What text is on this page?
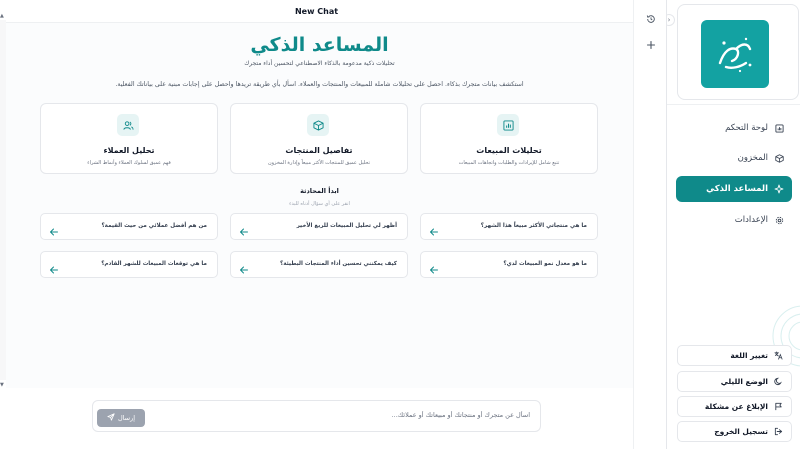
New Chat
▲
▼
المساعد الذكي
تحليلات ذكية مدعومة بالذكاء الاصطناعي لتحسين أداء متجرك
استكشف بيانات متجرك بذكاء. احصل على تحليلات شاملة للمبيعات والمنتجات والعملاء. اسأل بأي طريقة تريدها واحصل على إجابات مبنية على بياناتك الفعلية.
تحليلات المبيعات
تتبع شامل للإيرادات والطلبات واتجاهات المبيعات
تفاصيل المنتجات
تحليل عميق للمنتجات الأكثر مبيعاً وإدارة المخزون
تحليل العملاء
فهم عميق لسلوك العملاء وأنماط الشراء
ابدأ المحادثة
انقر على أي سؤال أدناه للبدء
ما هي منتجاتي الأكثر مبيعاً هذا الشهر؟
أظهر لي تحليل المبيعات للربع الأخير
من هم أفضل عملائي من حيث القيمة؟
ما هو معدل نمو المبيعات لدي؟
كيف يمكنني تحسين أداء المنتجات البطيئة؟
ما هي توقعات المبيعات للشهر القادم؟
اسأل عن متجرك أو منتجاتك أو مبيعاتك أو عملائك...
إرسال
›
لوحة التحكم
المخزون
المساعد الذكي
الإعدادات
تغيير اللغة
الوضع الليلي
الإبلاغ عن مشكلة
تسجيل الخروج
